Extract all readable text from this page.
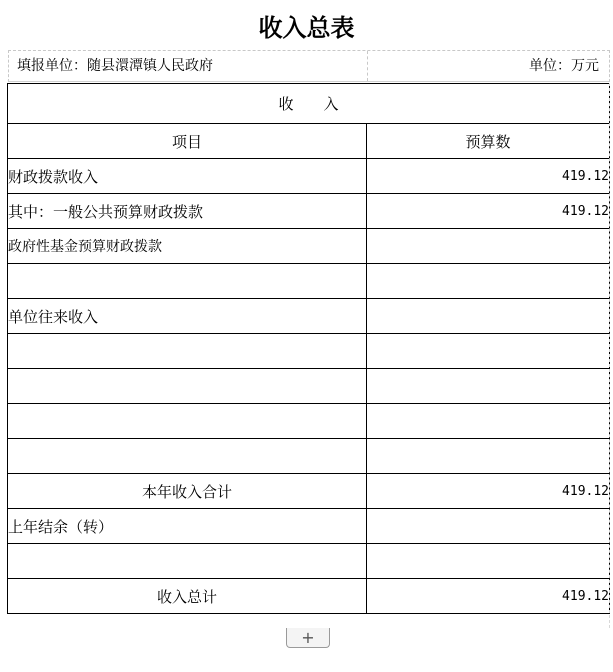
收入总表
填报单位：随县澴潭镇人民政府	单位：万元
收　　入	
项目	预算数
财政拨款收入	419.12
其中：一般公共预算财政拨款	419.12
政府性基金预算财政拨款	

单位往来收入	

本年收入合计	419.12
上年结余（转）	

收入总计	419.12
+
